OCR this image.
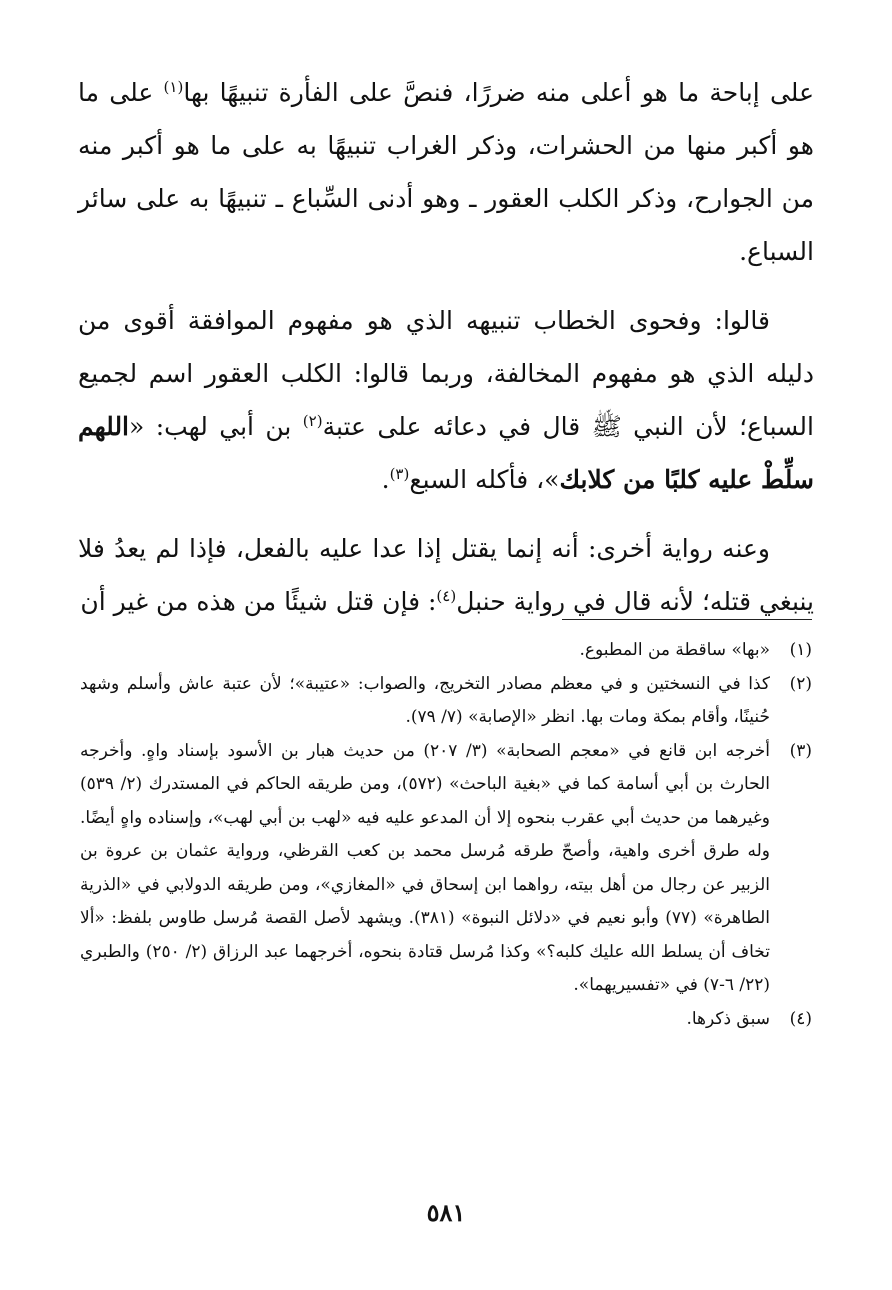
على إباحة ما هو أعلى منه ضررًا، فنصَّ على الفأرة تنبيهًا بها$^{(١)}$ على ما هو أكبر منها من الحشرات، وذكر الغراب تنبيهًا به على ما هو أكبر منه من الجوارح، وذكر الكلب العقور ـ وهو أدنى السِّباع ـ تنبيهًا به على سائر السباع.

قالوا: وفحوى الخطاب تنبيهه الذي هو مفهوم الموافقة أقوى من دليله الذي هو مفهوم المخالفة، وربما قالوا: الكلب العقور اسم لجميع السباع؛ لأن النبي ﷺ قال في دعائه على عتبة$^{(٢)}$ بن أبي لهب: «اللهم سلِّطْ عليه كلبًا من كلابك»، فأكله السبع$^{(٣)}$.

وعنه رواية أخرى: أنه إنما يقتل إذا عدا عليه بالفعل، فإذا لم يعدُ فلا ينبغي قتله؛ لأنه قال في رواية حنبل$^{(٤)}$: فإن قتل شيئًا من هذه من غير أن

(١)
«بها» ساقطة من المطبوع.
(٢)
كذا في النسختين و في معظم مصادر التخريج، والصواب: «عتيبة»؛ لأن عتبة عاش وأسلم وشهد حُنينًا، وأقام بمكة ومات بها. انظر «الإصابة» (٧/ ٧٩).
(٣)
أخرجه ابن قانع في «معجم الصحابة» (٣/ ٢٠٧) من حديث هبار بن الأسود بإسناد واهٍ. وأخرجه الحارث بن أبي أسامة كما في «بغية الباحث» (٥٧٢)، ومن طريقه الحاكم في المستدرك (٢/ ٥٣٩) وغيرهما من حديث أبي عقرب بنحوه إلا أن المدعو عليه فيه «لهب بن أبي لهب»، وإسناده واهٍ أيضًا. وله طرق أخرى واهية، وأصحّ طرقه مُرسل محمد بن كعب القرظي، ورواية عثمان بن عروة بن الزبير عن رجال من أهل بيته، رواهما ابن إسحاق في «المغازي»، ومن طريقه الدولابي في «الذرية الطاهرة» (٧٧) وأبو نعيم في «دلائل النبوة» (٣٨١). ويشهد لأصل القصة مُرسل طاوس بلفظ: «ألا تخاف أن يسلط الله عليك كلبه؟» وكذا مُرسل قتادة بنحوه، أخرجهما عبد الرزاق (٢/ ٢٥٠) والطبري (٢٢/ ٦-٧) في «تفسيريهما».
(٤)
سبق ذكرها.
٥٨١
